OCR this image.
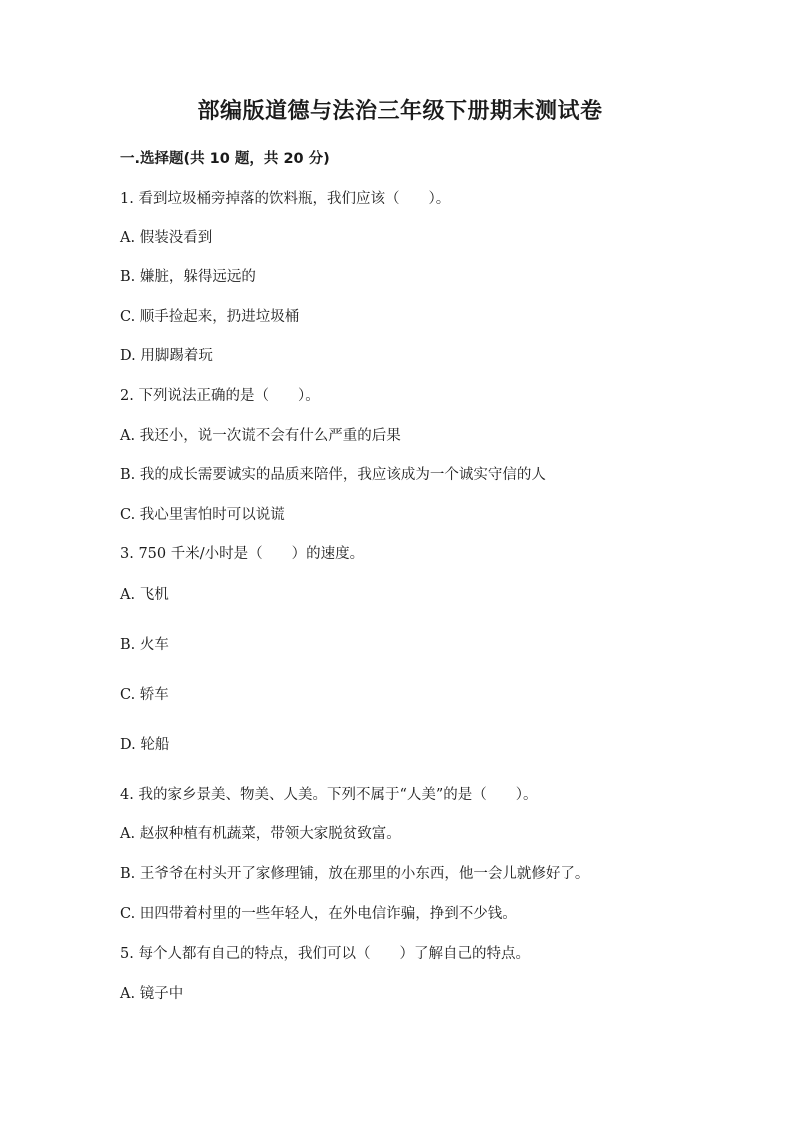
部编版道德与法治三年级下册期末测试卷
一.选择题(共 10 题，共 20 分)
1. 看到垃圾桶旁掉落的饮料瓶，我们应该（　　）。
A. 假装没看到
B. 嫌脏，躲得远远的
C. 顺手捡起来，扔进垃圾桶
D. 用脚踢着玩
2. 下列说法正确的是（　　）。
A. 我还小，说一次谎不会有什么严重的后果
B. 我的成长需要诚实的品质来陪伴，我应该成为一个诚实守信的人
C. 我心里害怕时可以说谎
3. 750 千米/小时是（　　）的速度。
A. 飞机
B. 火车
C. 轿车
D. 轮船
4. 我的家乡景美、物美、人美。下列不属于“人美”的是（　　）。
A. 赵叔种植有机蔬菜，带领大家脱贫致富。
B. 王爷爷在村头开了家修理铺，放在那里的小东西，他一会儿就修好了。
C. 田四带着村里的一些年轻人，在外电信诈骗，挣到不少钱。
5. 每个人都有自己的特点，我们可以（　　）了解自己的特点。
A. 镜子中
